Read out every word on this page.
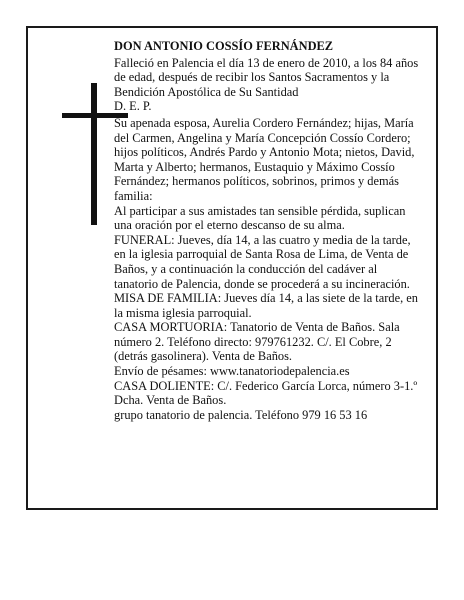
DON ANTONIO COSSÍO FERNÁNDEZ

Falleció en Palencia el día 13 de enero de 2010, a los 84 años de edad, después de recibir los Santos Sacramentos y la Bendición Apostólica de Su Santidad

D. E. P.

Su apenada esposa, Aurelia Cordero Fernández; hijas, María del Carmen, Angelina y María Concepción Cossío Cordero; hijos políticos, Andrés Pardo y Antonio Mota; nietos, David, Marta y Alberto; hermanos, Eustaquio y Máximo Cossío Fernández; hermanos políticos, sobrinos, primos y demás familia:

Al participar a sus amistades tan sensible pérdida, suplican una oración por el eterno descanso de su alma.

FUNERAL: Jueves, día 14, a las cuatro y media de la tarde, en la iglesia parroquial de Santa Rosa de Lima, de Venta de Baños, y a continuación la conducción del cadáver al tanatorio de Palencia, donde se procederá a su incineración.

MISA DE FAMILIA: Jueves día 14, a las siete de la tarde, en la misma iglesia parroquial.

CASA MORTUORIA: Tanatorio de Venta de Baños. Sala número 2. Teléfono directo: 979761232. C/. El Cobre, 2 (detrás gasolinera). Venta de Baños.

Envío de pésames: www.tanatoriodepalencia.es

CASA DOLIENTE: C/. Federico García Lorca, número 3-1.º Dcha. Venta de Baños.

grupo tanatorio de palencia. Teléfono 979 16 53 16
